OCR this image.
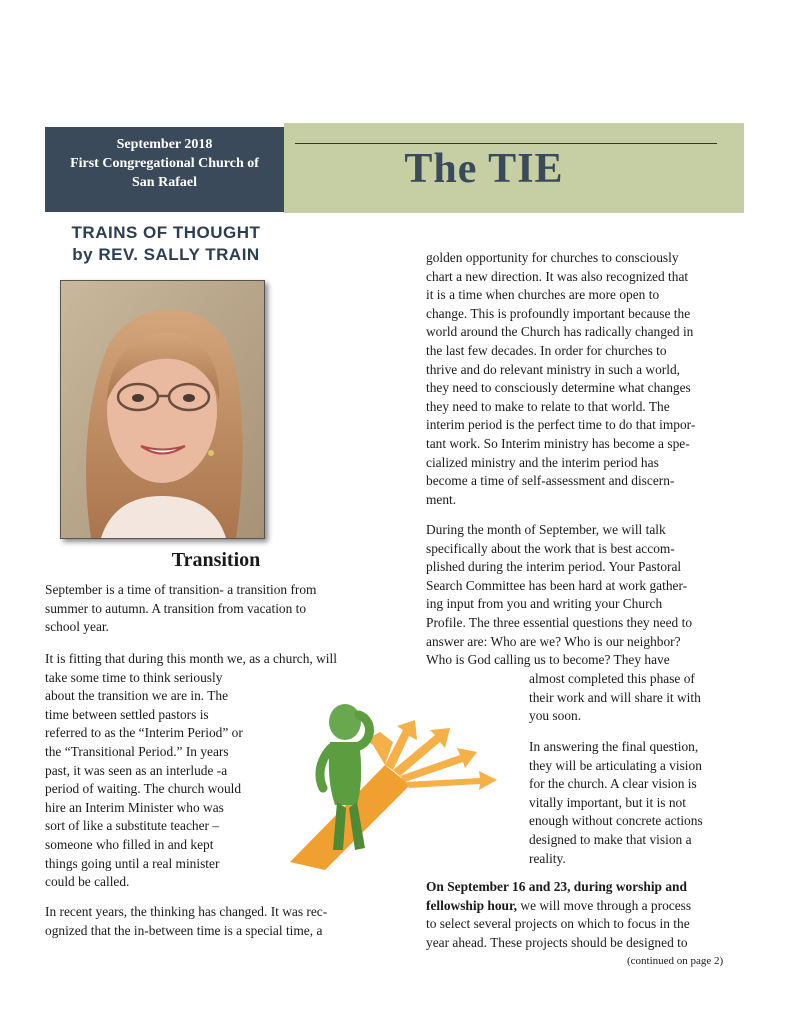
The TIE
September 2018
First Congregational Church of
San Rafael
TRAINS OF THOUGHT
by REV. SALLY TRAIN
Transition

September is a time of transition- a transition from

summer to autumn. A transition from vacation to

school year.

It is fitting that during this month we, as a church, will

take some time to think seriously

about the transition we are in. The

time between settled pastors is

referred to as the “Interim Period” or

the “Transitional Period.” In years

past, it was seen as an interlude -a

period of waiting. The church would

hire an Interim Minister who was

sort of like a substitute teacher –

someone who filled in and kept

things going until a real minister

could be called.

In recent years, the thinking has changed. It was rec-

ognized that the in-between time is a special time, a

golden opportunity for churches to consciously

chart a new direction. It was also recognized that

it is a time when churches are more open to

change. This is profoundly important because the

world around the Church has radically changed in

the last few decades. In order for churches to

thrive and do relevant ministry in such a world,

they need to consciously determine what changes

they need to make to relate to that world. The

interim period is the perfect time to do that impor-

tant work. So Interim ministry has become a spe-

cialized ministry and the interim period has

become a time of self-assessment and discern-

ment.

During the month of September, we will talk

specifically about the work that is best accom-

plished during the interim period. Your Pastoral

Search Committee has been hard at work gather-

ing input from you and writing your Church

Profile. The three essential questions they need to

answer are: Who are we? Who is our neighbor?

Who is God calling us to become? They have

almost completed this phase of

their work and will share it with

you soon.

In answering the final question,

they will be articulating a vision

for the church. A clear vision is

vitally important, but it is not

enough without concrete actions

designed to make that vision a

reality.

On September 16 and 23, during worship and

fellowship hour, we will move through a process

to select several projects on which to focus in the

year ahead. These projects should be designed to

(continued on page 2)
